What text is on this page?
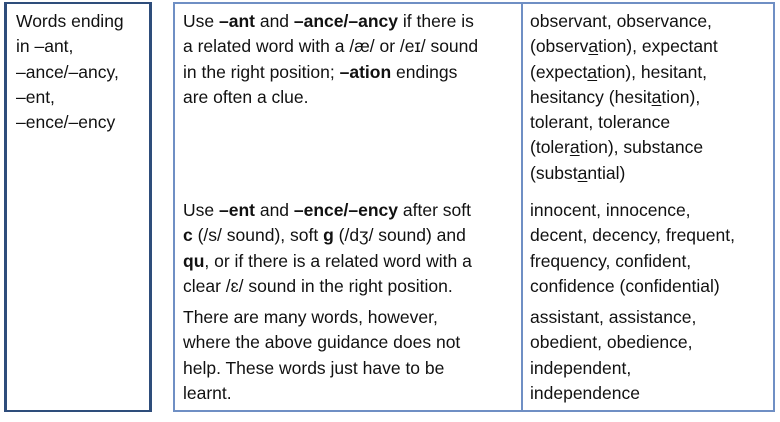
Words ending
in –ant,
–ance/–ancy,
–ent,
–ence/–ency
Use –ant and –ance/–ancy if there is
a related word with a /æ/ or /eɪ/ sound
in the right position; –ation endings
are often a clue.
observant, observance,
(observation), expectant
(expectation), hesitant,
hesitancy (hesitation),
tolerant, tolerance
(toleration), substance
(substantial)
Use –ent and –ence/–ency after soft
c (/s/ sound), soft g (/dʒ/ sound) and
qu, or if there is a related word with a
clear /ɛ/ sound in the right position.
innocent, innocence,
decent, decency, frequent,
frequency, confident,
confidence (confidential)
There are many words, however,
where the above guidance does not
help. These words just have to be
learnt.
assistant, assistance,
obedient, obedience,
independent,
independence
